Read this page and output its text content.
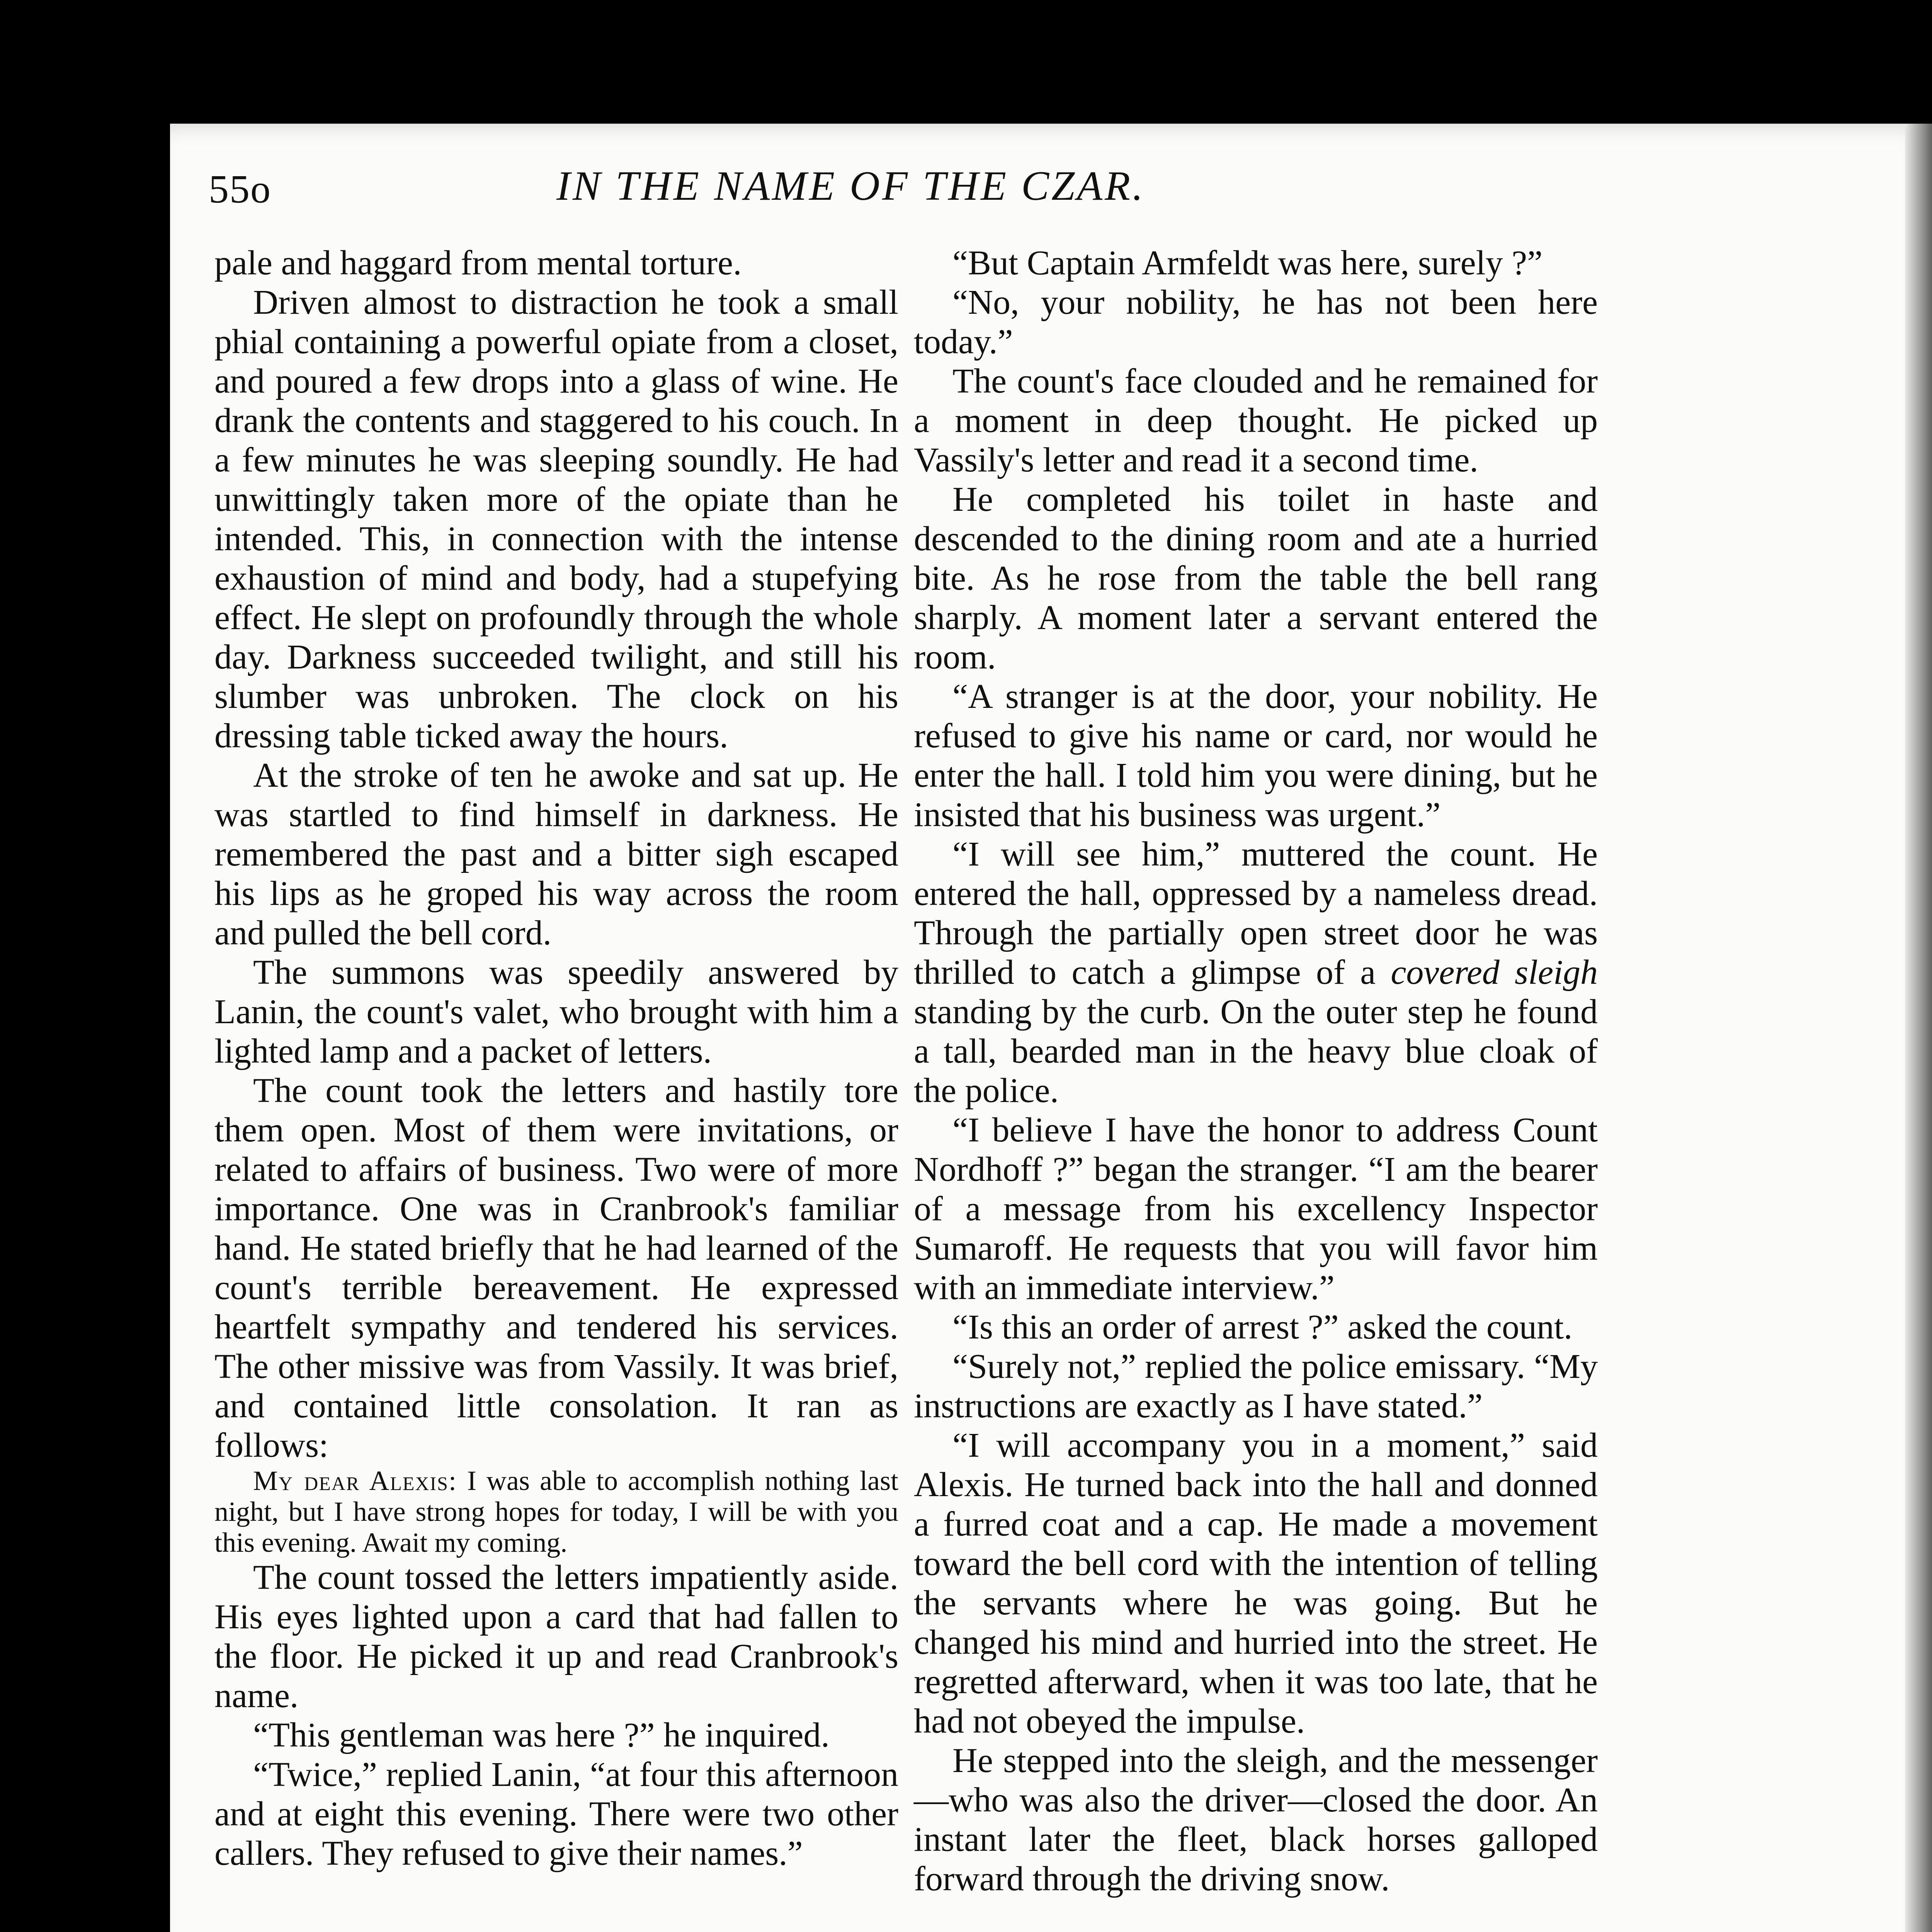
55o	IN THE NAME OF THE CZAR.

pale and haggard from mental torture.

Driven almost to distraction he took a small phial containing a powerful opiate from a closet, and poured a few drops into a glass of wine. He drank the contents and staggered to his couch. In a few minutes he was sleeping soundly. He had unwittingly taken more of the opiate than he intended. This, in connection with the intense exhaustion of mind and body, had a stupefying effect. He slept on profoundly through the whole day. Darkness succeeded twilight, and still his slumber was unbroken. The clock on his dressing table ticked away the hours.

At the stroke of ten he awoke and sat up. He was startled to find himself in darkness. He remembered the past and a bitter sigh escaped his lips as he groped his way across the room and pulled the bell cord.

The summons was speedily answered by Lanin, the count's valet, who brought with him a lighted lamp and a packet of letters.

The count took the letters and hastily tore them open. Most of them were invitations, or related to affairs of business. Two were of more importance. One was in Cranbrook's familiar hand. He stated briefly that he had learned of the count's terrible bereavement. He expressed heartfelt sympathy and tendered his services. The other missive was from Vassily. It was brief, and contained little consolation. It ran as follows:

My dear Alexis: I was able to accomplish nothing last night, but I have strong hopes for today, I will be with you this evening. Await my coming.

The count tossed the letters impatiently aside. His eyes lighted upon a card that had fallen to the floor. He picked it up and read Cranbrook's name.

“This gentleman was here ?” he inquired.

“Twice,” replied Lanin, “at four this afternoon and at eight this evening. There were two other callers. They refused to give their names.”

“But Captain Armfeldt was here, surely ?”

“No, your nobility, he has not been here today.”

The count's face clouded and he remained for a moment in deep thought. He picked up Vassily's letter and read it a second time.

He completed his toilet in haste and descended to the dining room and ate a hurried bite. As he rose from the table the bell rang sharply. A moment later a servant entered the room.

“A stranger is at the door, your nobility. He refused to give his name or card, nor would he enter the hall. I told him you were dining, but he insisted that his business was urgent.”

“I will see him,” muttered the count. He entered the hall, oppressed by a nameless dread. Through the partially open street door he was thrilled to catch a glimpse of a covered sleigh standing by the curb. On the outer step he found a tall, bearded man in the heavy blue cloak of the police.

“I believe I have the honor to address Count Nordhoff ?” began the stranger. “I am the bearer of a message from his excellency Inspector Sumaroff. He requests that you will favor him with an immediate interview.”

“Is this an order of arrest ?” asked the count.

“Surely not,” replied the police emissary. “My instructions are exactly as I have stated.”

“I will accompany you in a moment,” said Alexis. He turned back into the hall and donned a furred coat and a cap. He made a movement toward the bell cord with the intention of telling the servants where he was going. But he changed his mind and hurried into the street. He regretted afterward, when it was too late, that he had not obeyed the impulse.

He stepped into the sleigh, and the messenger—who was also the driver—closed the door. An instant later the fleet, black horses galloped forward through the driving snow.
